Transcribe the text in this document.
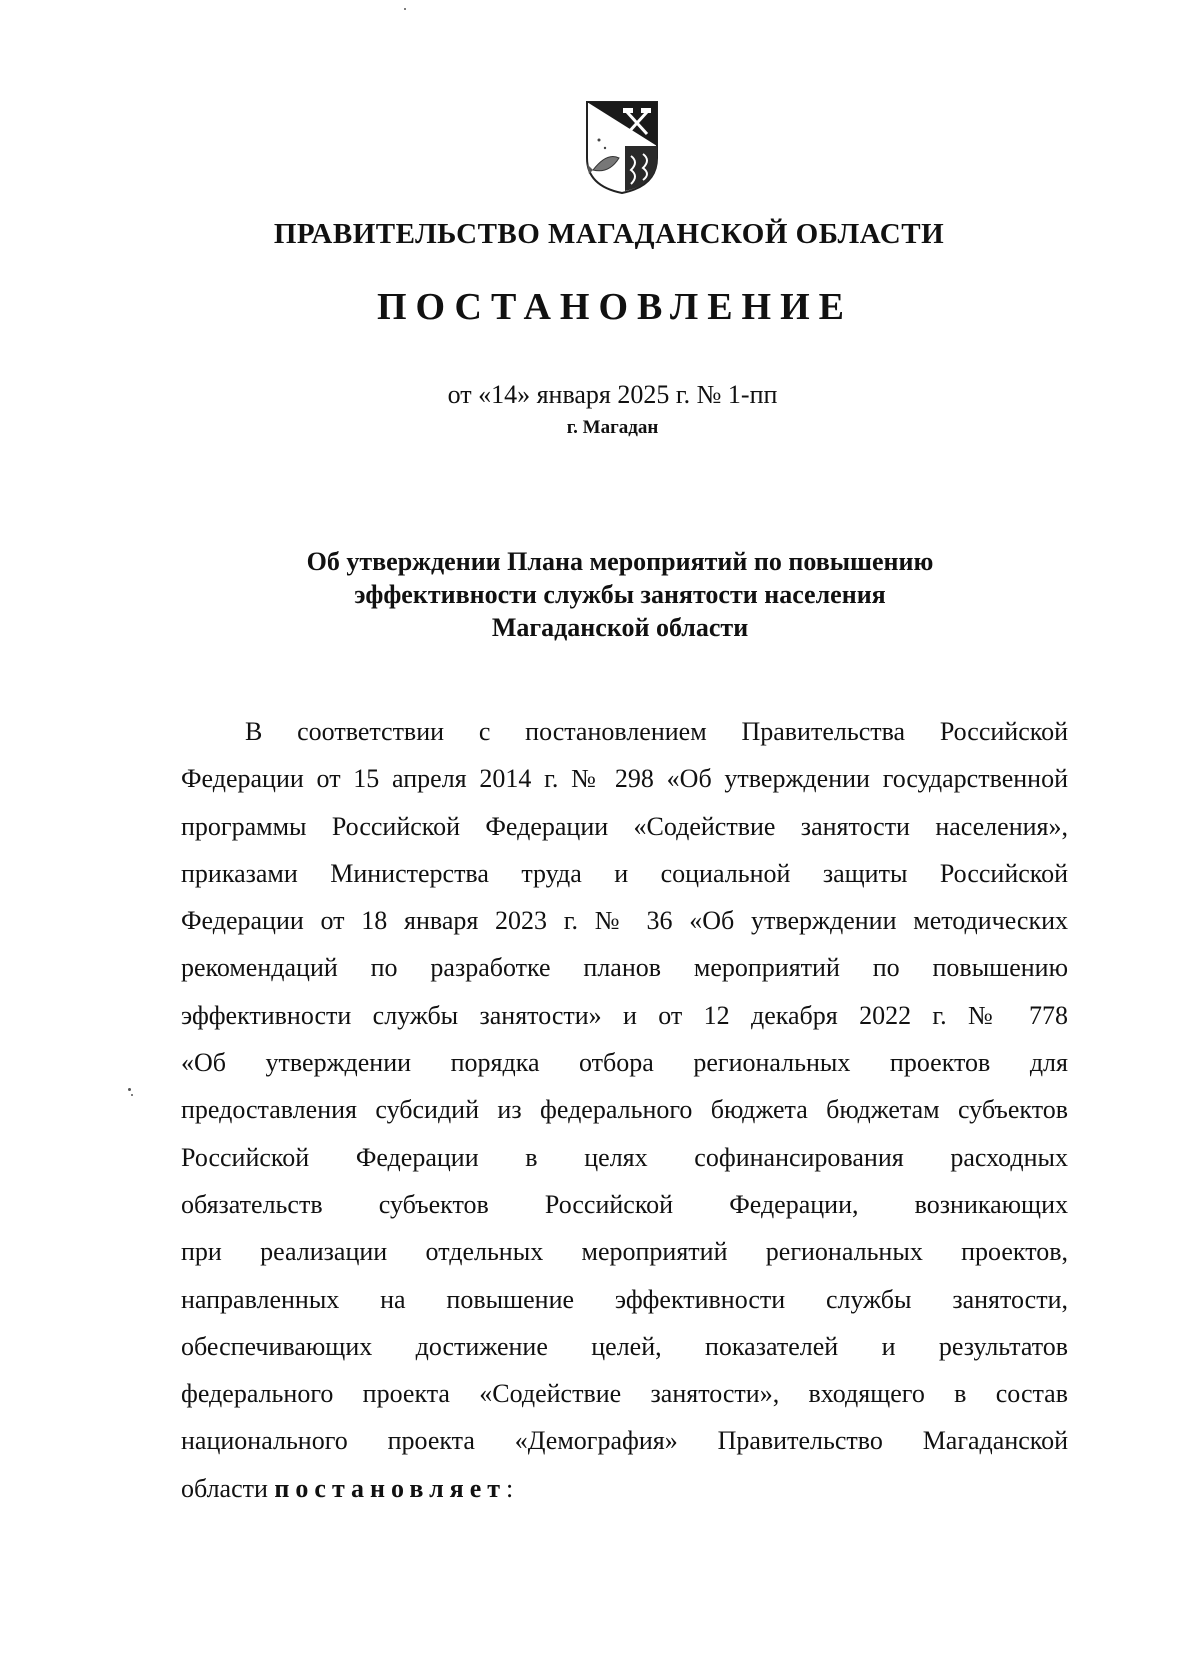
ПРАВИТЕЛЬСТВО МАГАДАНСКОЙ ОБЛАСТИ
ПОСТАНОВЛЕНИЕ
от «14» января 2025 г. № 1-пп
г. Магадан
Об утверждении Плана мероприятий по повышению
эффективности службы занятости населения
Магаданской области
В соответствии с постановлением Правительства Российской
Федерации от 15 апреля 2014 г. № 298 «Об утверждении государственной
программы Российской Федерации «Содействие занятости населения»,
приказами Министерства труда и социальной защиты Российской
Федерации от 18 января 2023 г. № 36 «Об утверждении методических
рекомендаций по разработке планов мероприятий по повышению
эффективности службы занятости» и от 12 декабря 2022 г. № 778
«Об утверждении порядка отбора региональных проектов для
предоставления субсидий из федерального бюджета бюджетам субъектов
Российской Федерации в целях софинансирования расходных
обязательств субъектов Российской Федерации, возникающих
при реализации отдельных мероприятий региональных проектов,
направленных на повышение эффективности службы занятости,
обеспечивающих достижение целей, показателей и результатов
федерального проекта «Содействие занятости», входящего в состав
национального проекта «Демография» Правительство Магаданской
области постановляет:
